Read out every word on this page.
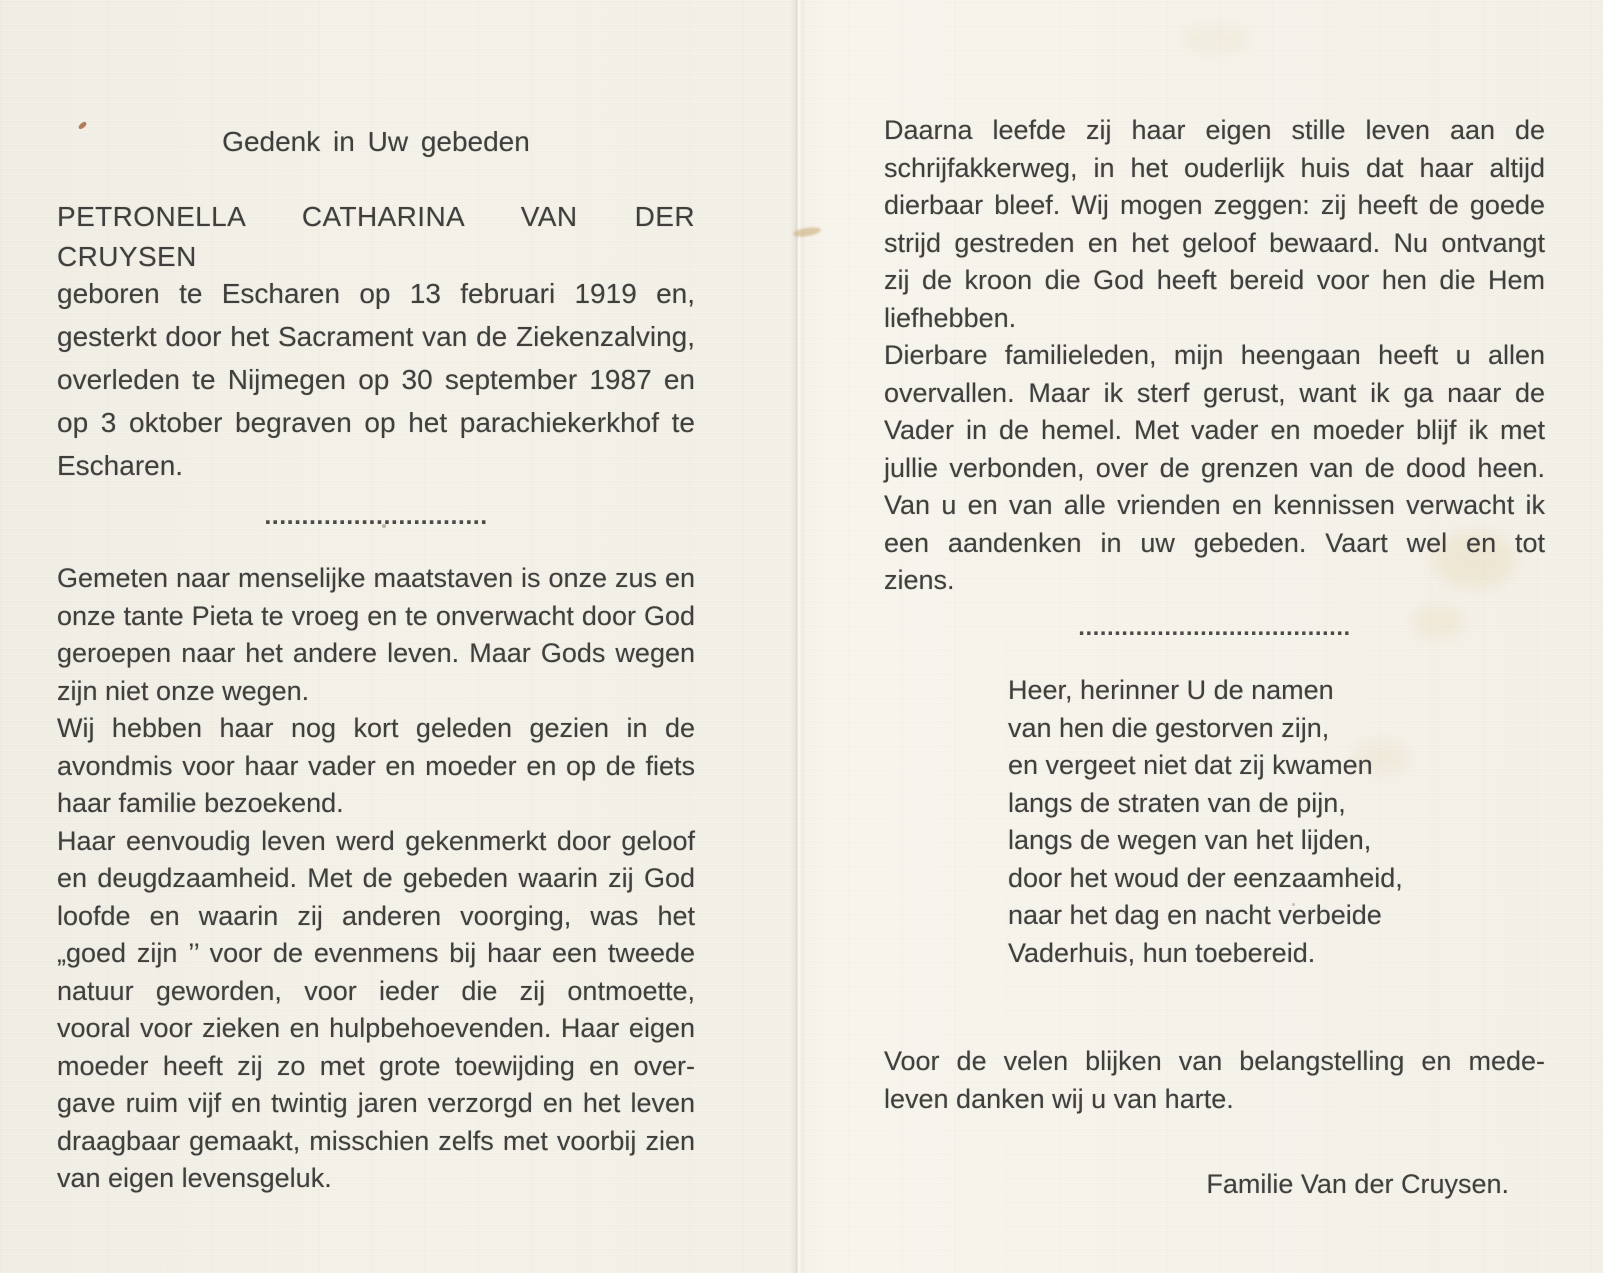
Gedenk in Uw gebeden
PETRONELLA CATHARINA VAN DER CRUYSEN
geboren te Escharen op 13 februari 1919 en,
gesterkt door het Sacrament van de Ziekenzalving,
overleden te Nijmegen op 30 september 1987 en
op 3 oktober begraven op het parachiekerkhof te
Escharen.
..............................
Gemeten naar menselijke maatstaven is onze zus en
onze tante Pieta te vroeg en te onverwacht door God
geroepen naar het andere leven. Maar Gods wegen
zijn niet onze wegen.
Wij hebben haar nog kort geleden gezien in de
avondmis voor haar vader en moeder en op de fiets
haar familie bezoekend.
Haar eenvoudig leven werd gekenmerkt door geloof
en deugdzaamheid. Met de gebeden waarin zij God
loofde en waarin zij anderen voorging, was het
„goed zijn ’’ voor de evenmens bij haar een tweede
natuur geworden, voor ieder die zij ontmoette,
vooral voor zieken en hulpbehoevenden. Haar eigen
moeder heeft zij zo met grote toewijding en over-
gave ruim vijf en twintig jaren verzorgd en het leven
draagbaar gemaakt, misschien zelfs met voorbij zien
van eigen levensgeluk.
Daarna leefde zij haar eigen stille leven aan de
schrijfakkerweg, in het ouderlijk huis dat haar altijd
dierbaar bleef. Wij mogen zeggen: zij heeft de goede
strijd gestreden en het geloof bewaard. Nu ontvangt
zij de kroon die God heeft bereid voor hen die Hem
liefhebben.
Dierbare familieleden, mijn heengaan heeft u allen
overvallen. Maar ik sterf gerust, want ik ga naar de
Vader in de hemel. Met vader en moeder blijf ik met
jullie verbonden, over de grenzen van de dood heen.
Van u en van alle vrienden en kennissen verwacht ik
een aandenken in uw gebeden. Vaart wel en tot
ziens.
......................................
Heer, herinner U de namen
van hen die gestorven zijn,
en vergeet niet dat zij kwamen
langs de straten van de pijn,
langs de wegen van het lijden,
door het woud der eenzaamheid,
naar het dag en nacht verbeide
Vaderhuis, hun toebereid.
Voor de velen blijken van belangstelling en mede-
leven danken wij u van harte.
Familie Van der Cruysen.
